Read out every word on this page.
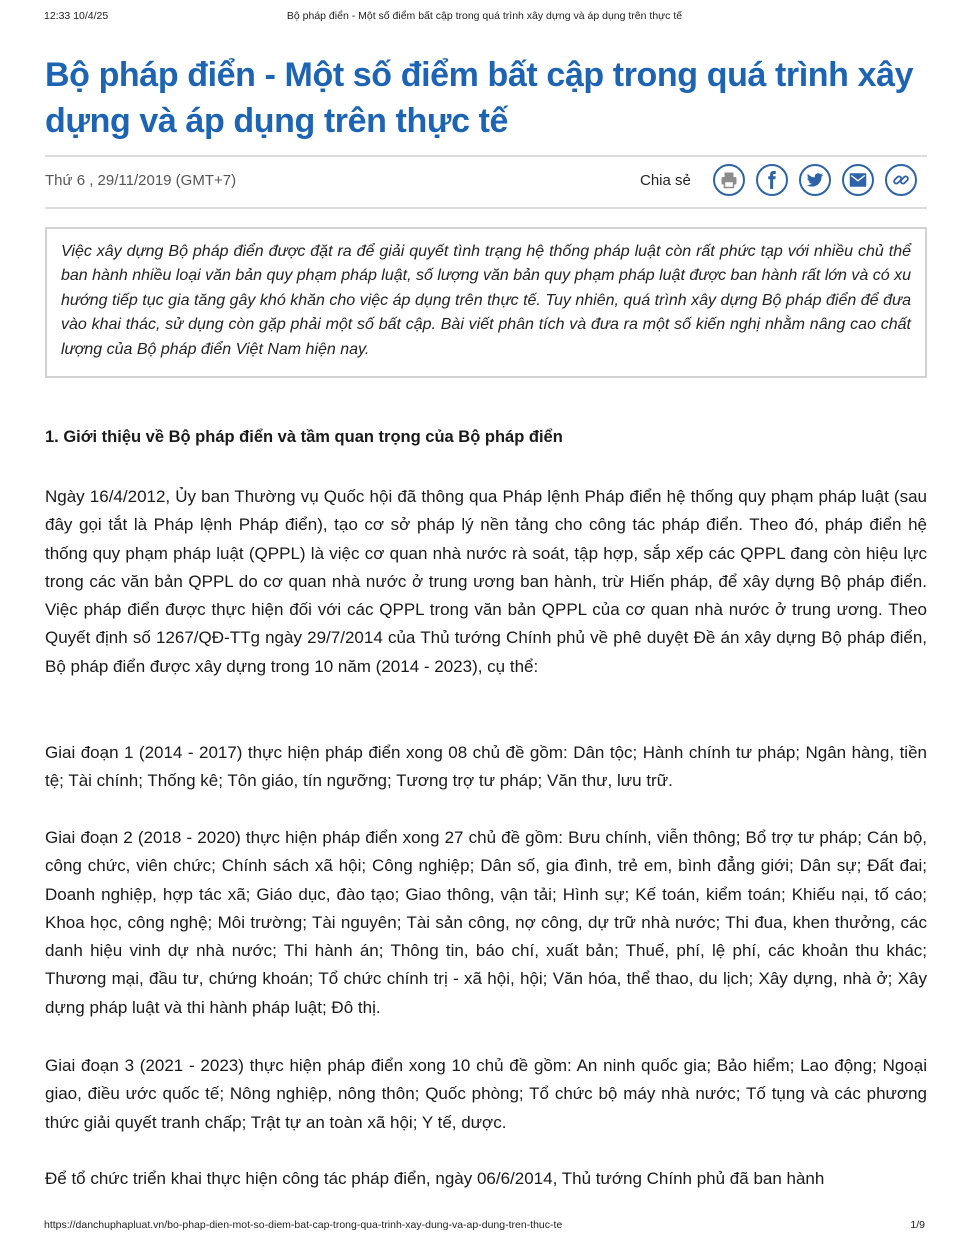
12:33 10/4/25	Bộ pháp điển - Một số điểm bất cập trong quá trình xây dựng và áp dụng trên thực tế
Bộ pháp điển - Một số điểm bất cập trong quá trình xây dựng và áp dụng trên thực tế
Thứ 6 , 29/11/2019 (GMT+7)	Chia sẻ

Việc xây dựng Bộ pháp điển được đặt ra để giải quyết tình trạng hệ thống pháp luật còn rất phức tạp với nhiều chủ thể ban hành nhiều loại văn bản quy phạm pháp luật, số lượng văn bản quy phạm pháp luật được ban hành rất lớn và có xu hướng tiếp tục gia tăng gây khó khăn cho việc áp dụng trên thực tế. Tuy nhiên, quá trình xây dựng Bộ pháp điển để đưa vào khai thác, sử dụng còn gặp phải một số bất cập. Bài viết phân tích và đưa ra một số kiến nghị nhằm nâng cao chất lượng của Bộ pháp điển Việt Nam hiện nay.

1. Giới thiệu về Bộ pháp điển và tầm quan trọng của Bộ pháp điển

Ngày 16/4/2012, Ủy ban Thường vụ Quốc hội đã thông qua Pháp lệnh Pháp điển hệ thống quy phạm pháp luật (sau đây gọi tắt là Pháp lệnh Pháp điển), tạo cơ sở pháp lý nền tảng cho công tác pháp điển. Theo đó, pháp điển hệ thống quy phạm pháp luật (QPPL) là việc cơ quan nhà nước rà soát, tập hợp, sắp xếp các QPPL đang còn hiệu lực trong các văn bản QPPL do cơ quan nhà nước ở trung ương ban hành, trừ Hiến pháp, để xây dựng Bộ pháp điển. Việc pháp điển được thực hiện đối với các QPPL trong văn bản QPPL của cơ quan nhà nước ở trung ương. Theo Quyết định số 1267/QĐ-TTg ngày 29/7/2014 của Thủ tướng Chính phủ về phê duyệt Đề án xây dựng Bộ pháp điển, Bộ pháp điển được xây dựng trong 10 năm (2014 - 2023), cụ thể:

Giai đoạn 1 (2014 - 2017) thực hiện pháp điển xong 08 chủ đề gồm: Dân tộc; Hành chính tư pháp; Ngân hàng, tiền tệ; Tài chính; Thống kê; Tôn giáo, tín ngưỡng; Tương trợ tư pháp; Văn thư, lưu trữ.

Giai đoạn 2 (2018 - 2020) thực hiện pháp điển xong 27 chủ đề gồm: Bưu chính, viễn thông; Bổ trợ tư pháp; Cán bộ, công chức, viên chức; Chính sách xã hội; Công nghiệp; Dân số, gia đình, trẻ em, bình đẳng giới; Dân sự; Đất đai; Doanh nghiệp, hợp tác xã; Giáo dục, đào tạo; Giao thông, vận tải; Hình sự; Kế toán, kiểm toán; Khiếu nại, tố cáo; Khoa học, công nghệ; Môi trường; Tài nguyên; Tài sản công, nợ công, dự trữ nhà nước; Thi đua, khen thưởng, các danh hiệu vinh dự nhà nước; Thi hành án; Thông tin, báo chí, xuất bản; Thuế, phí, lệ phí, các khoản thu khác; Thương mại, đầu tư, chứng khoán; Tổ chức chính trị - xã hội, hội; Văn hóa, thể thao, du lịch; Xây dựng, nhà ở; Xây dựng pháp luật và thi hành pháp luật; Đô thị.

Giai đoạn 3 (2021 - 2023) thực hiện pháp điển xong 10 chủ đề gồm: An ninh quốc gia; Bảo hiểm; Lao động; Ngoại giao, điều ước quốc tế; Nông nghiệp, nông thôn; Quốc phòng; Tổ chức bộ máy nhà nước; Tố tụng và các phương thức giải quyết tranh chấp; Trật tự an toàn xã hội; Y tế, dược.

Để tổ chức triển khai thực hiện công tác pháp điển, ngày 06/6/2014, Thủ tướng Chính phủ đã ban hành

https://danchuphapluat.vn/bo-phap-dien-mot-so-diem-bat-cap-trong-qua-trinh-xay-dung-va-ap-dung-tren-thuc-te	1/9
